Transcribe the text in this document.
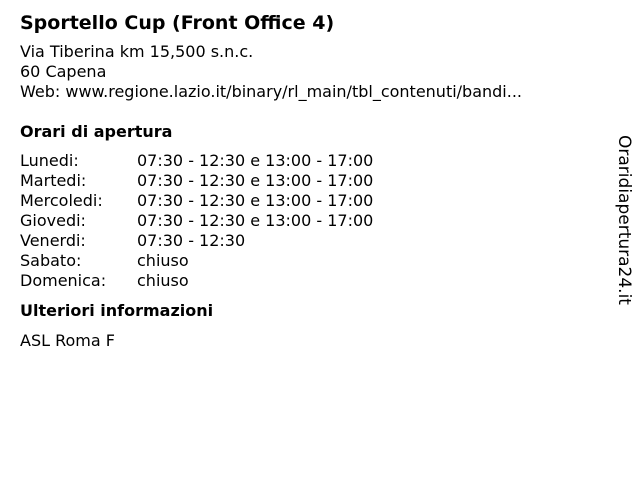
Sportello Cup (Front Office 4)
Via Tiberina km 15,500 s.n.c.
60 Capena
Web: www.regione.lazio.it/binary/rl_main/tbl_contenuti/bandi...
Orari di apertura
Lunedi:	07:30 - 12:30 e 13:00 - 17:00
Martedi:	07:30 - 12:30 e 13:00 - 17:00
Mercoledi:	07:30 - 12:30 e 13:00 - 17:00
Giovedi:	07:30 - 12:30 e 13:00 - 17:00
Venerdi:	07:30 - 12:30
Sabato:	chiuso
Domenica:	chiuso
Ulteriori informazioni
ASL Roma F
Oraridiapertura24.it
